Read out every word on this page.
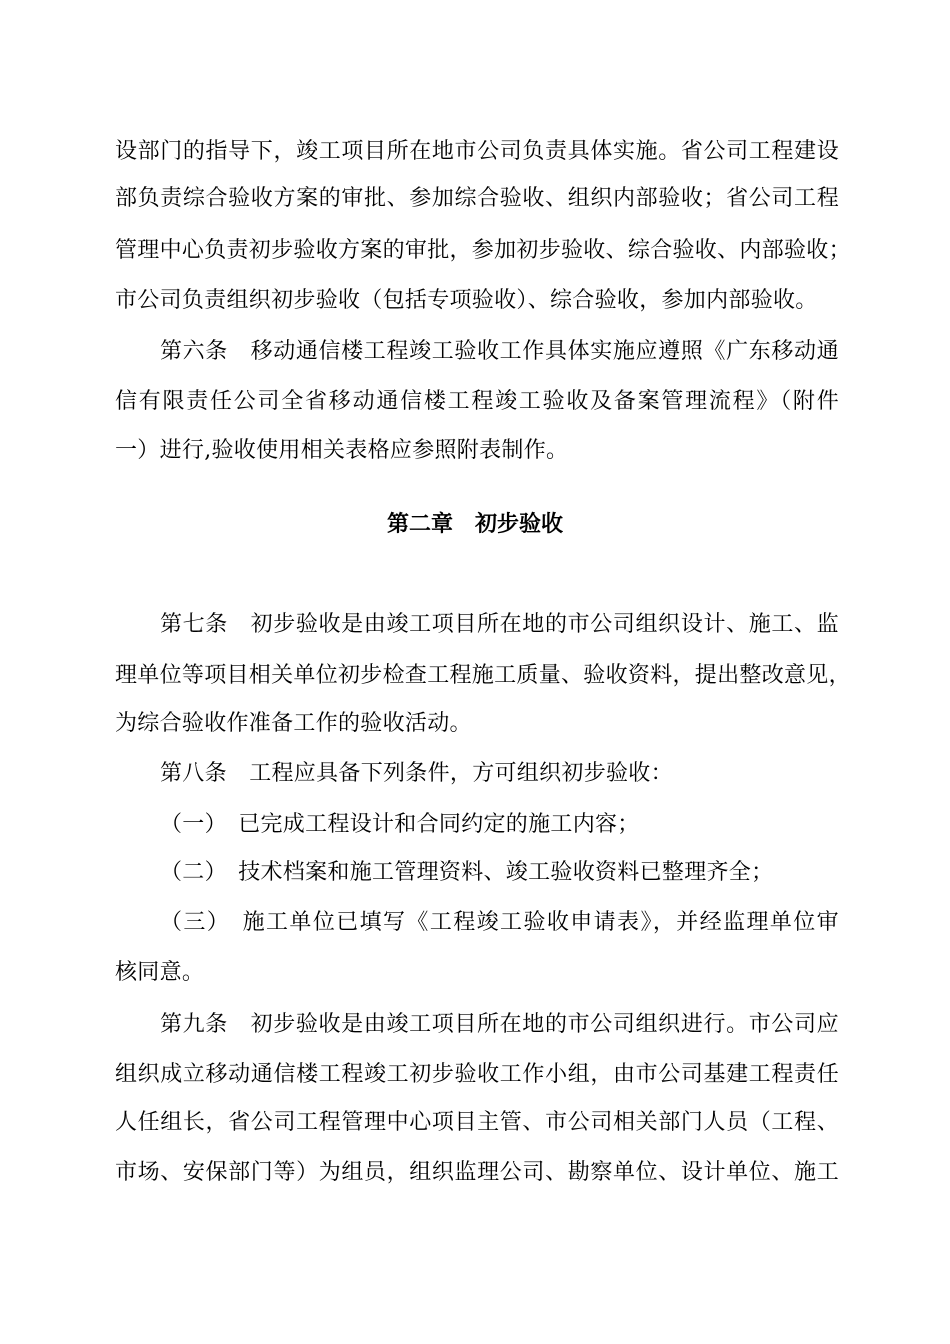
设部门的指导下，竣工项目所在地市公司负责具体实施。省公司工程建设
部负责综合验收方案的审批、参加综合验收、组织内部验收；省公司工程
管理中心负责初步验收方案的审批，参加初步验收、综合验收、内部验收；
市公司负责组织初步验收（包括专项验收）、综合验收，参加内部验收。
第六条　移动通信楼工程竣工验收工作具体实施应遵照《广东移动通
信有限责任公司全省移动通信楼工程竣工验收及备案管理流程》（附件
一）进行,验收使用相关表格应参照附表制作。
第二章　初步验收
第七条　初步验收是由竣工项目所在地的市公司组织设计、施工、监
理单位等项目相关单位初步检查工程施工质量、验收资料，提出整改意见，
为综合验收作准备工作的验收活动。
第八条　工程应具备下列条件，方可组织初步验收：
（一）　已完成工程设计和合同约定的施工内容；
（二）　技术档案和施工管理资料、竣工验收资料已整理齐全；
（三）　施工单位已填写《工程竣工验收申请表》，并经监理单位审
核同意。
第九条　初步验收是由竣工项目所在地的市公司组织进行。市公司应
组织成立移动通信楼工程竣工初步验收工作小组，由市公司基建工程责任
人任组长，省公司工程管理中心项目主管、市公司相关部门人员（工程、
市场、安保部门等）为组员，组织监理公司、勘察单位、设计单位、施工
